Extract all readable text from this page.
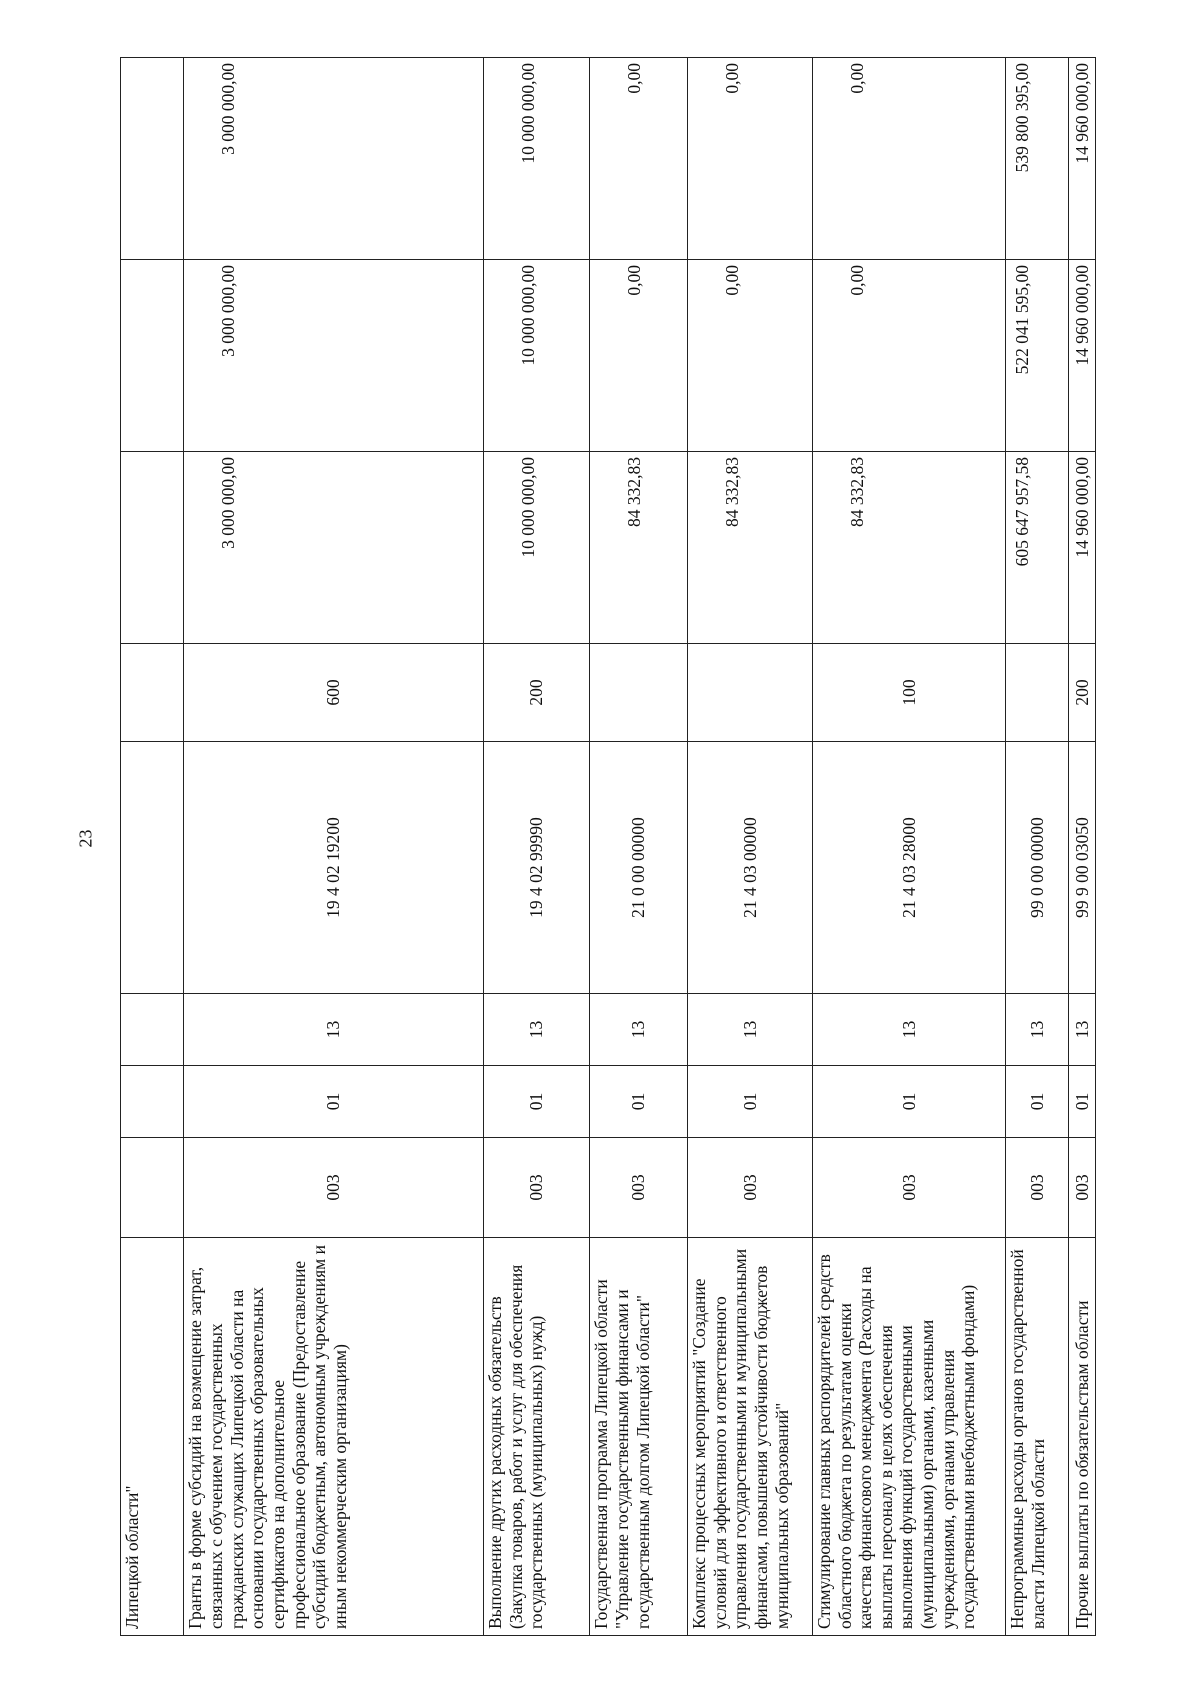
23
Липецкой области"								
Гранты в форме субсидий на возмещение затрат, связанных с обучением государственных гражданских служащих Липецкой области на основании государственных образовательных сертификатов на дополнительное профессиональное образование (Предоставление субсидий бюджетным, автономным учреждениям и иным некоммерческим организациям)	003	01	13	19 4 02 19200	600	3 000 000,00	3 000 000,00	3 000 000,00
Выполнение других расходных обязательств (Закупка товаров, работ и услуг для обеспечения государственных (муниципальных) нужд)	003	01	13	19 4 02 99990	200	10 000 000,00	10 000 000,00	10 000 000,00
Государственная программа Липецкой области "Управление государственными финансами и государственным долгом Липецкой области"	003	01	13	21 0 00 00000		84 332,83	0,00	0,00
Комплекс процессных мероприятий "Создание условий для эффективного и ответственного управления государственными и муниципальными финансами, повышения устойчивости бюджетов муниципальных образований"	003	01	13	21 4 03 00000		84 332,83	0,00	0,00
Стимулирование главных распорядителей средств областного бюджета по результатам оценки качества финансового менеджмента (Расходы на выплаты персоналу в целях обеспечения выполнения функций государственными (муниципальными) органами, казенными учреждениями, органами управления государственными внебюджетными фондами)	003	01	13	21 4 03 28000	100	84 332,83	0,00	0,00
Непрограммные расходы органов государственной власти Липецкой области	003	01	13	99 0 00 00000		605 647 957,58	522 041 595,00	539 800 395,00
Прочие выплаты по обязательствам области	003	01	13	99 9 00 03050	200	14 960 000,00	14 960 000,00	14 960 000,00
